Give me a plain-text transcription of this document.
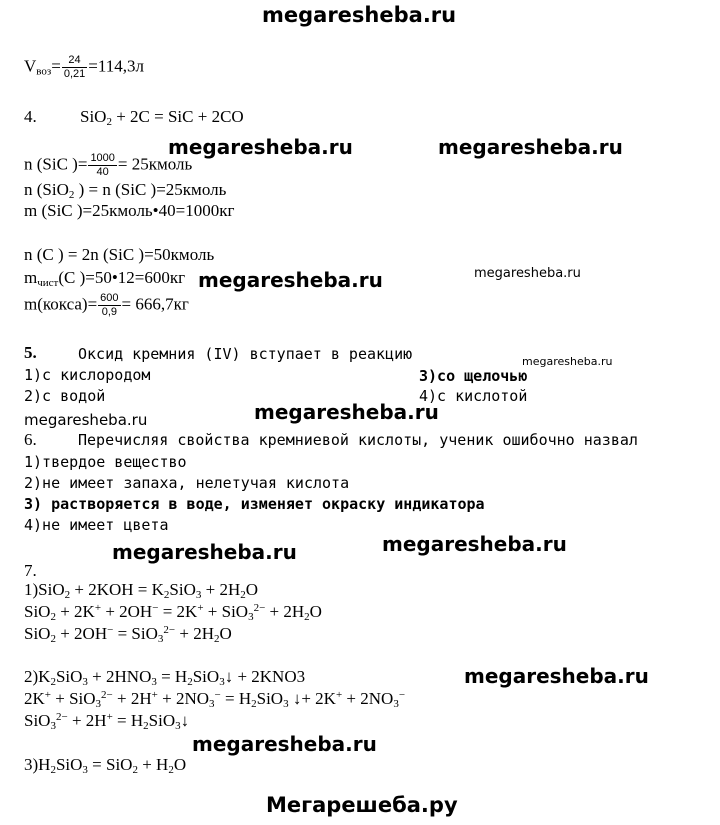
megaresheba.ru
$V_{воз}= \frac{24}{0,21} =114,3л$
4.	SiO$_2$ + 2C = SiC + 2CO
megaresheba.ru	megaresheba.ru
n (SiC )= $\frac{1000}{40}$ = 25кмоль
n (SiO$_2$ ) = n (SiC )=25кмоль
m (SiC )=25кмоль•40=1000кг
n (C ) = 2n (SiC )=50кмоль
$m_{чист}(C$ )=50•12=600кг megaresheba.ru	megaresheba.ru
m(кокса)= $\frac{600}{0,9} = 666,7кг$
5.	Оксид кремния (IV) вступает в реакцию	megaresheba.ru
1)с кислородом	3)со щелочью
2)с водой	4)с кислотой
megaresheba.ru	megaresheba.ru
6.	Перечисляя свойства кремниевой кислоты, ученик ошибочно назвал
1)твердое вещество
2)не имеет запаха, нелетучая кислота
3) растворяется в воде, изменяет окраску индикатора
4)не имеет цвета
megaresheba.ru	megaresheba.ru
7.
$1)SiO_2 + 2KOH = K_2SiO_3 + 2H_2O$
$SiO_2 + 2K^+ + 2OH^- = 2K^+ + SiO_3^{2-} + 2H_2O$
$SiO_2 + 2OH^- = SiO_3^{2-} + 2H_2O$
$2)K_2SiO_3 + 2HNO_3$ = $H_2SiO_3↓ + 2KNO3$	megaresheba.ru
$2K^+ + SiO_3^{2-} + 2H^+ + 2NO_3^- = H_2SiO_3$ ↓+ $2K^+ + 2NO_3^-$
$SiO_3^{2-} + 2H^+ = H_2SiO_3↓$
megaresheba.ru
$3)H_2SiO_3 = SiO_2 + H_2O$
Мегарешеба.ру
